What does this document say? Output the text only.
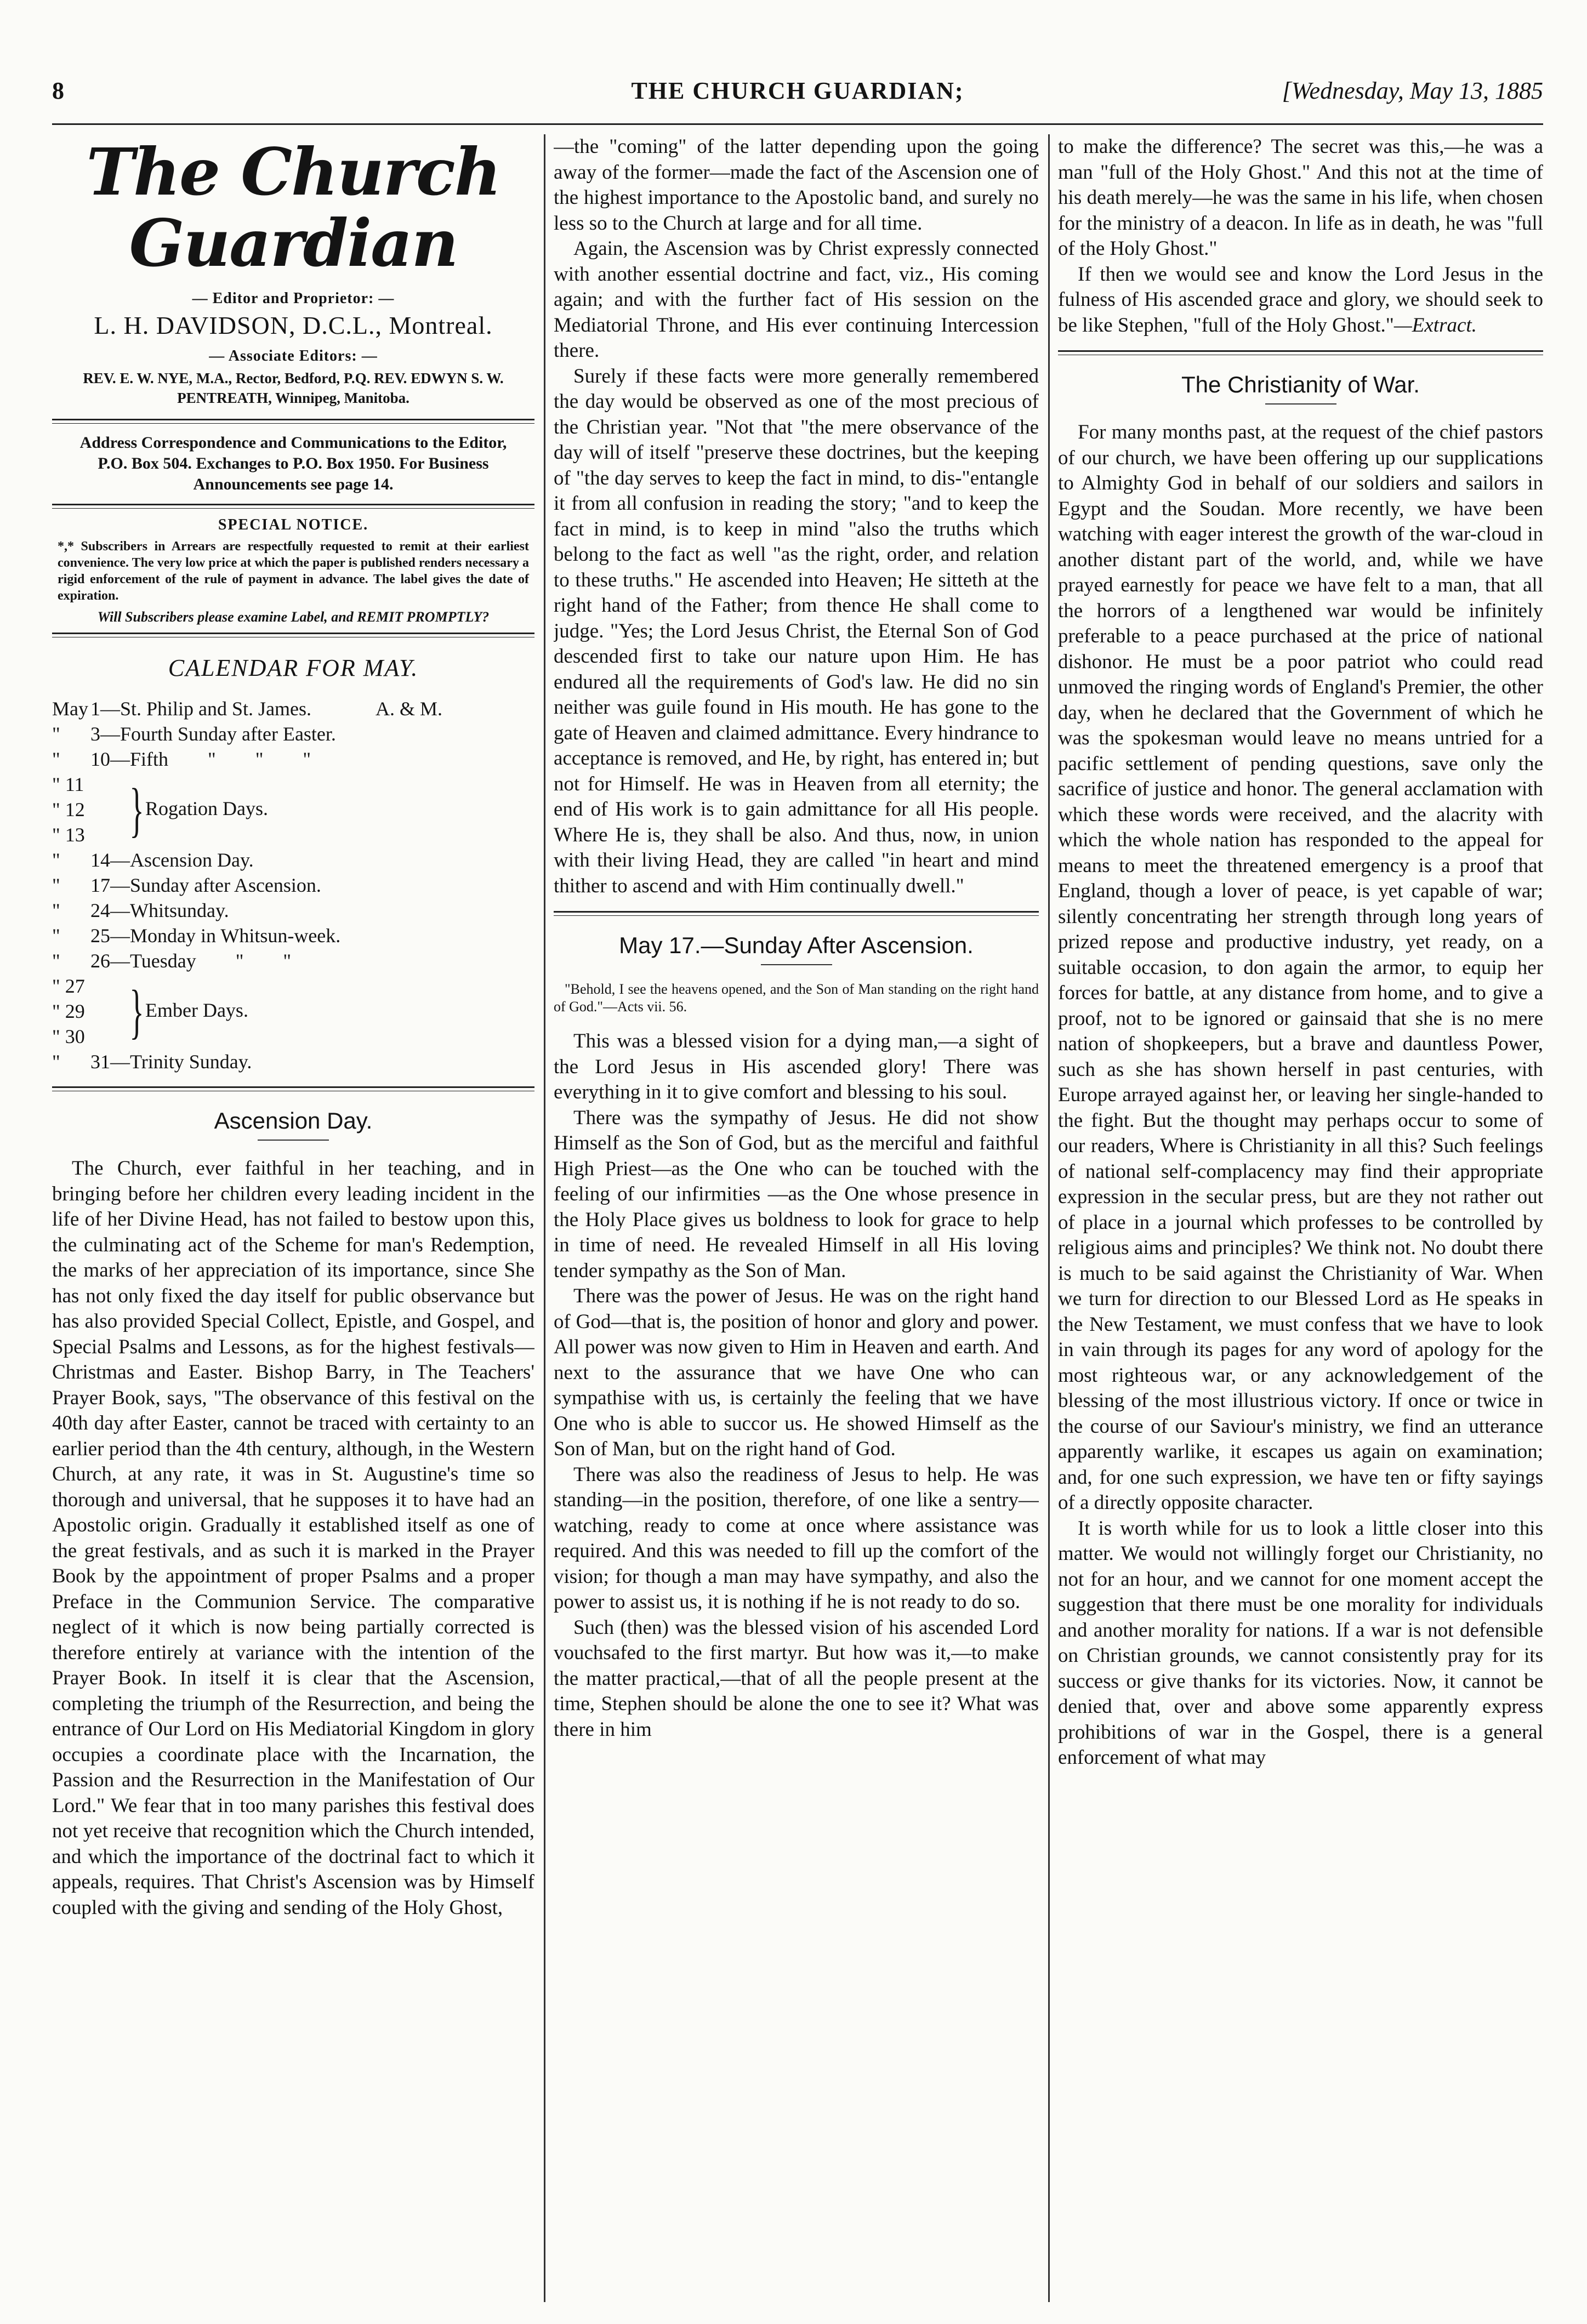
8	THE CHURCH GUARDIAN;	[Wednesday, May 13, 1885
The Church Guardian
— Editor and Proprietor: —
L. H. DAVIDSON, D.C.L., Montreal.
— Associate Editors: —
REV. E. W. NYE, M.A., Rector, Bedford, P.Q. REV. EDWYN S. W. PENTREATH, Winnipeg, Manitoba.
Address Correspondence and Communications to the Editor, P.O. Box 504. Exchanges to P.O. Box 1950. For Business Announcements see page 14.
SPECIAL NOTICE.
*,* Subscribers in Arrears are respectfully requested to remit at their earliest convenience. The very low price at which the paper is published renders necessary a rigid enforcement of the rule of payment in advance. The label gives the date of expiration.
Will Subscribers please examine Label, and REMIT PROMPTLY?
CALENDAR FOR MAY.
May 1—St. Philip and St. James.	A. & M.
" 3—Fourth Sunday after Easter.
" 10—Fifth        "        "        "
" 11
" 12
" 13 } Rogation Days.
" 14—Ascension Day.
" 17—Sunday after Ascension.
" 24—Whitsunday.
" 25—Monday in Whitsun-week.
" 26—Tuesday        "        "
" 27
" 29
" 30 } Ember Days.
" 31—Trinity Sunday.
Ascension Day.

The Church, ever faithful in her teaching, and in bringing before her children every leading incident in the life of her Divine Head, has not failed to bestow upon this, the culminating act of the Scheme for man's Redemption, the marks of her appreciation of its importance, since She has not only fixed the day itself for public observance but has also provided Special Collect, Epistle, and Gospel, and Special Psalms and Lessons, as for the highest festivals—Christmas and Easter. Bishop Barry, in The Teachers' Prayer Book, says, "The observance of this festival on the 40th day after Easter, cannot be traced with certainty to an earlier period than the 4th century, although, in the Western Church, at any rate, it was in St. Augustine's time so thorough and universal, that he supposes it to have had an Apostolic origin. Gradually it established itself as one of the great festivals, and as such it is marked in the Prayer Book by the appointment of proper Psalms and a proper Preface in the Communion Service. The comparative neglect of it which is now being partially corrected is therefore entirely at variance with the intention of the Prayer Book. In itself it is clear that the Ascension, completing the triumph of the Resurrection, and being the entrance of Our Lord on His Mediatorial Kingdom in glory occupies a coordinate place with the Incarnation, the Passion and the Resurrection in the Manifestation of Our Lord." We fear that in too many parishes this festival does not yet receive that recognition which the Church intended, and which the importance of the doctrinal fact to which it appeals, requires. That Christ's Ascension was by Himself coupled with the giving and sending of the Holy Ghost,

—the "coming" of the latter depending upon the going away of the former—made the fact of the Ascension one of the highest importance to the Apostolic band, and surely no less so to the Church at large and for all time.

Again, the Ascension was by Christ expressly connected with another essential doctrine and fact, viz., His coming again; and with the further fact of His session on the Mediatorial Throne, and His ever continuing Intercession there.

Surely if these facts were more generally remembered the day would be observed as one of the most precious of the Christian year. "Not that "the mere observance of the day will of itself "preserve these doctrines, but the keeping of "the day serves to keep the fact in mind, to dis-"entangle it from all confusion in reading the story; "and to keep the fact in mind, is to keep in mind "also the truths which belong to the fact as well "as the right, order, and relation to these truths." He ascended into Heaven; He sitteth at the right hand of the Father; from thence He shall come to judge. "Yes; the Lord Jesus Christ, the Eternal Son of God descended first to take our nature upon Him. He has endured all the requirements of God's law. He did no sin neither was guile found in His mouth. He has gone to the gate of Heaven and claimed admittance. Every hindrance to acceptance is removed, and He, by right, has entered in; but not for Himself. He was in Heaven from all eternity; the end of His work is to gain admittance for all His people. Where He is, they shall be also. And thus, now, in union with their living Head, they are called "in heart and mind thither to ascend and with Him continually dwell."

May 17.—Sunday After Ascension.

"Behold, I see the heavens opened, and the Son of Man standing on the right hand of God."—Acts vii. 56.

This was a blessed vision for a dying man,—a sight of the Lord Jesus in His ascended glory! There was everything in it to give comfort and blessing to his soul.

There was the sympathy of Jesus. He did not show Himself as the Son of God, but as the merciful and faithful High Priest—as the One who can be touched with the feeling of our infirmities —as the One whose presence in the Holy Place gives us boldness to look for grace to help in time of need. He revealed Himself in all His loving tender sympathy as the Son of Man.

There was the power of Jesus. He was on the right hand of God—that is, the position of honor and glory and power. All power was now given to Him in Heaven and earth. And next to the assurance that we have One who can sympathise with us, is certainly the feeling that we have One who is able to succor us. He showed Himself as the Son of Man, but on the right hand of God.

There was also the readiness of Jesus to help. He was standing—in the position, therefore, of one like a sentry—watching, ready to come at once where assistance was required. And this was needed to fill up the comfort of the vision; for though a man may have sympathy, and also the power to assist us, it is nothing if he is not ready to do so.

Such (then) was the blessed vision of his ascended Lord vouchsafed to the first martyr. But how was it,—to make the matter practical,—that of all the people present at the time, Stephen should be alone the one to see it? What was there in him

to make the difference? The secret was this,—he was a man "full of the Holy Ghost." And this not at the time of his death merely—he was the same in his life, when chosen for the ministry of a deacon. In life as in death, he was "full of the Holy Ghost."

If then we would see and know the Lord Jesus in the fulness of His ascended grace and glory, we should seek to be like Stephen, "full of the Holy Ghost."—Extract.

The Christianity of War.

For many months past, at the request of the chief pastors of our church, we have been offering up our supplications to Almighty God in behalf of our soldiers and sailors in Egypt and the Soudan. More recently, we have been watching with eager interest the growth of the war-cloud in another distant part of the world, and, while we have prayed earnestly for peace we have felt to a man, that all the horrors of a lengthened war would be infinitely preferable to a peace purchased at the price of national dishonor. He must be a poor patriot who could read unmoved the ringing words of England's Premier, the other day, when he declared that the Government of which he was the spokesman would leave no means untried for a pacific settlement of pending questions, save only the sacrifice of justice and honor. The general acclamation with which these words were received, and the alacrity with which the whole nation has responded to the appeal for means to meet the threatened emergency is a proof that England, though a lover of peace, is yet capable of war; silently concentrating her strength through long years of prized repose and productive industry, yet ready, on a suitable occasion, to don again the armor, to equip her forces for battle, at any distance from home, and to give a proof, not to be ignored or gainsaid that she is no mere nation of shopkeepers, but a brave and dauntless Power, such as she has shown herself in past centuries, with Europe arrayed against her, or leaving her single-handed to the fight. But the thought may perhaps occur to some of our readers, Where is Christianity in all this? Such feelings of national self-complacency may find their appropriate expression in the secular press, but are they not rather out of place in a journal which professes to be controlled by religious aims and principles? We think not. No doubt there is much to be said against the Christianity of War. When we turn for direction to our Blessed Lord as He speaks in the New Testament, we must confess that we have to look in vain through its pages for any word of apology for the most righteous war, or any acknowledgement of the blessing of the most illustrious victory. If once or twice in the course of our Saviour's ministry, we find an utterance apparently warlike, it escapes us again on examination; and, for one such expression, we have ten or fifty sayings of a directly opposite character.

It is worth while for us to look a little closer into this matter. We would not willingly forget our Christianity, no not for an hour, and we cannot for one moment accept the suggestion that there must be one morality for individuals and another morality for nations. If a war is not defensible on Christian grounds, we cannot consistently pray for its success or give thanks for its victories. Now, it cannot be denied that, over and above some apparently express prohibitions of war in the Gospel, there is a general enforcement of what may
